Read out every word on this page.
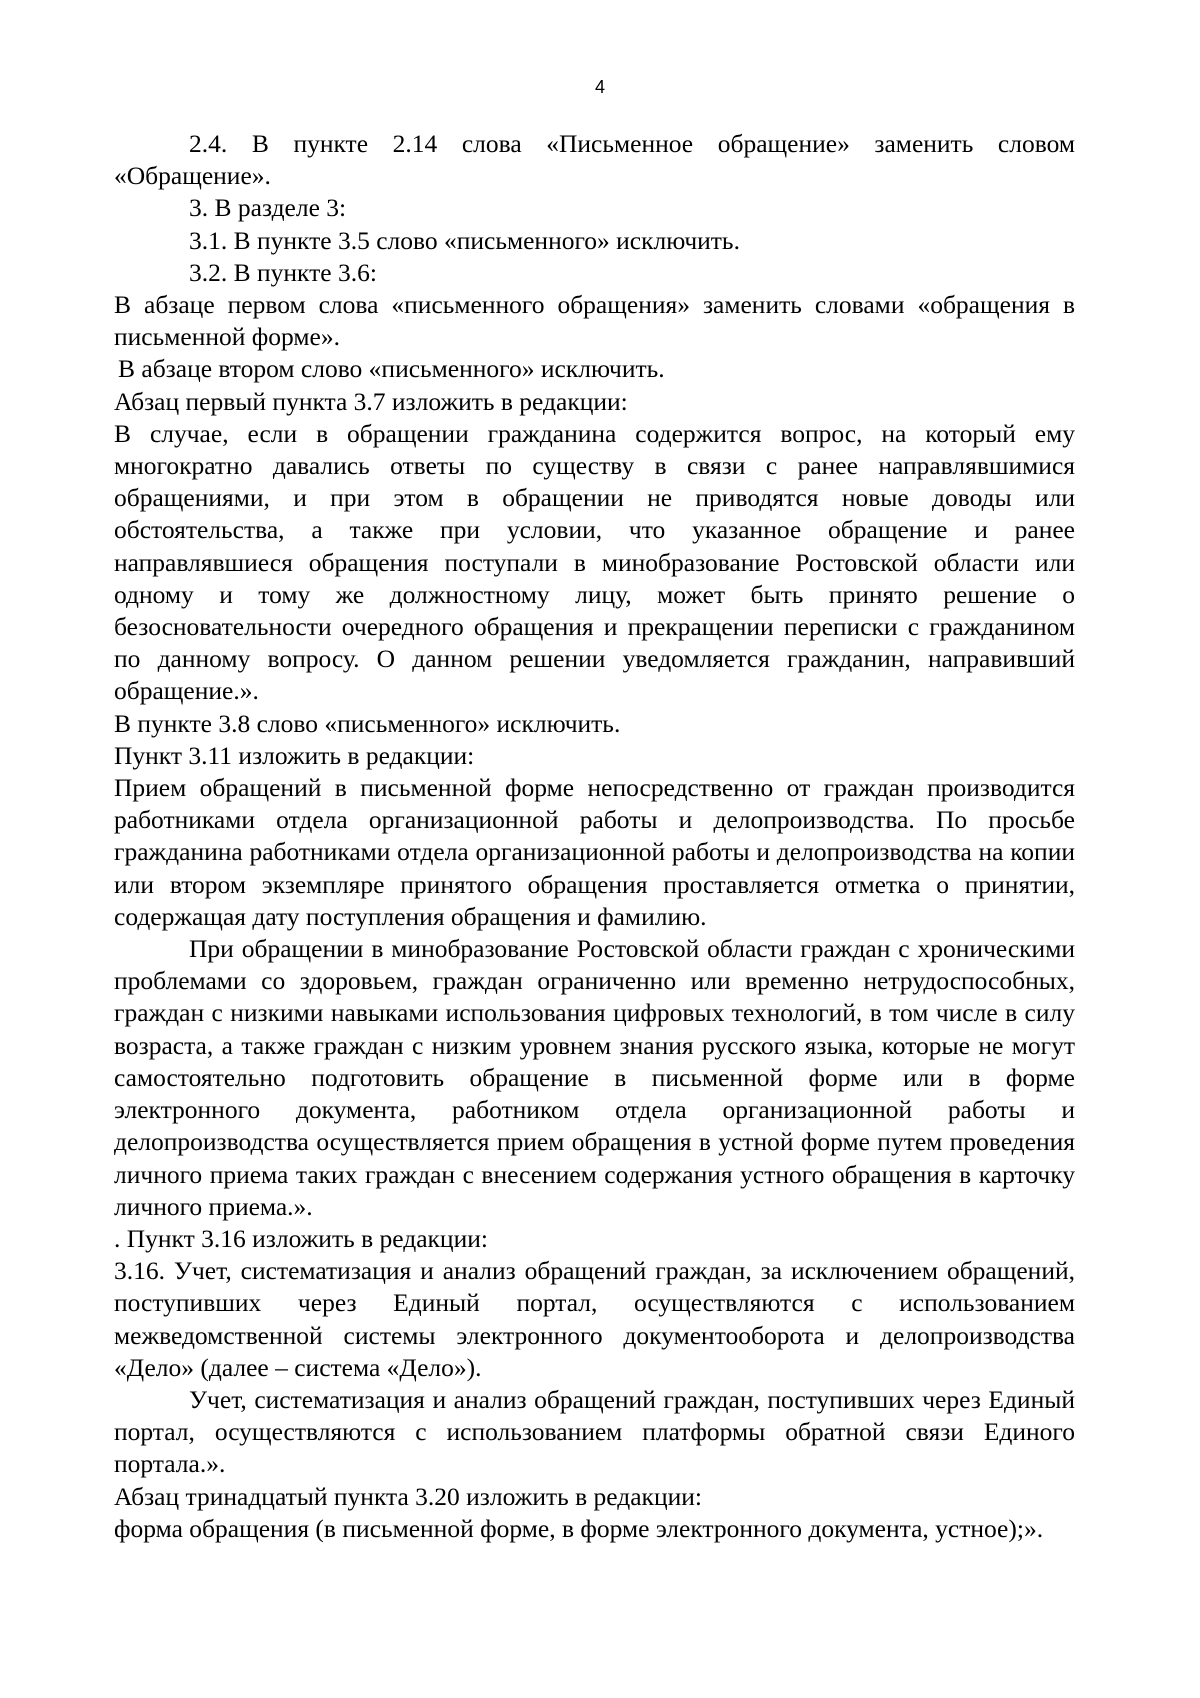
4

2.4. В пункте 2.14 слова «Письменное обращение» заменить словом «Обращение».

3. В разделе 3:

3.1. В пункте 3.5 слово «письменного» исключить.

3.2. В пункте 3.6:

В абзаце первом слова «письменного обращения» заменить словами «обращения в письменной форме».

В абзаце втором слово «письменного» исключить.

Абзац первый пункта 3.7 изложить в редакции:

В случае, если в обращении гражданина содержится вопрос, на который ему многократно давались ответы по существу в связи с ранее направлявшимися обращениями, и при этом в обращении не приводятся новые доводы или обстоятельства, а также при условии, что указанное обращение и ранее направлявшиеся обращения поступали в минобразование Ростовской области или одному и тому же должностному лицу, может быть принято решение о безосновательности очередного обращения и прекращении переписки с гражданином по данному вопросу. О данном решении уведомляется гражданин, направивший обращение.».

В пункте 3.8 слово «письменного» исключить.

Пункт 3.11 изложить в редакции:

Прием обращений в письменной форме непосредственно от граждан производится работниками отдела организационной работы и делопроизводства. По просьбе гражданина работниками отдела организационной работы и делопроизводства на копии или втором экземпляре принятого обращения проставляется отметка о принятии, содержащая дату поступления обращения и фамилию.

При обращении в минобразование Ростовской области граждан с хроническими проблемами со здоровьем, граждан ограниченно или временно нетрудоспособных, граждан с низкими навыками использования цифровых технологий, в том числе в силу возраста, а также граждан с низким уровнем знания русского языка, которые не могут самостоятельно подготовить обращение в письменной форме или в форме электронного документа, работником отдела организационной работы и делопроизводства осуществляется прием обращения в устной форме путем проведения личного приема таких граждан с внесением содержания устного обращения в карточку личного приема.».

. Пункт 3.16 изложить в редакции:

3.16. Учет, систематизация и анализ обращений граждан, за исключением обращений, поступивших через Единый портал, осуществляются с использованием межведомственной системы электронного документооборота и делопроизводства «Дело» (далее – система «Дело»).

Учет, систематизация и анализ обращений граждан, поступивших через Единый портал, осуществляются с использованием платформы обратной связи Единого портала.».

Абзац тринадцатый пункта 3.20 изложить в редакции:

форма обращения (в письменной форме, в форме электронного документа, устное);».
